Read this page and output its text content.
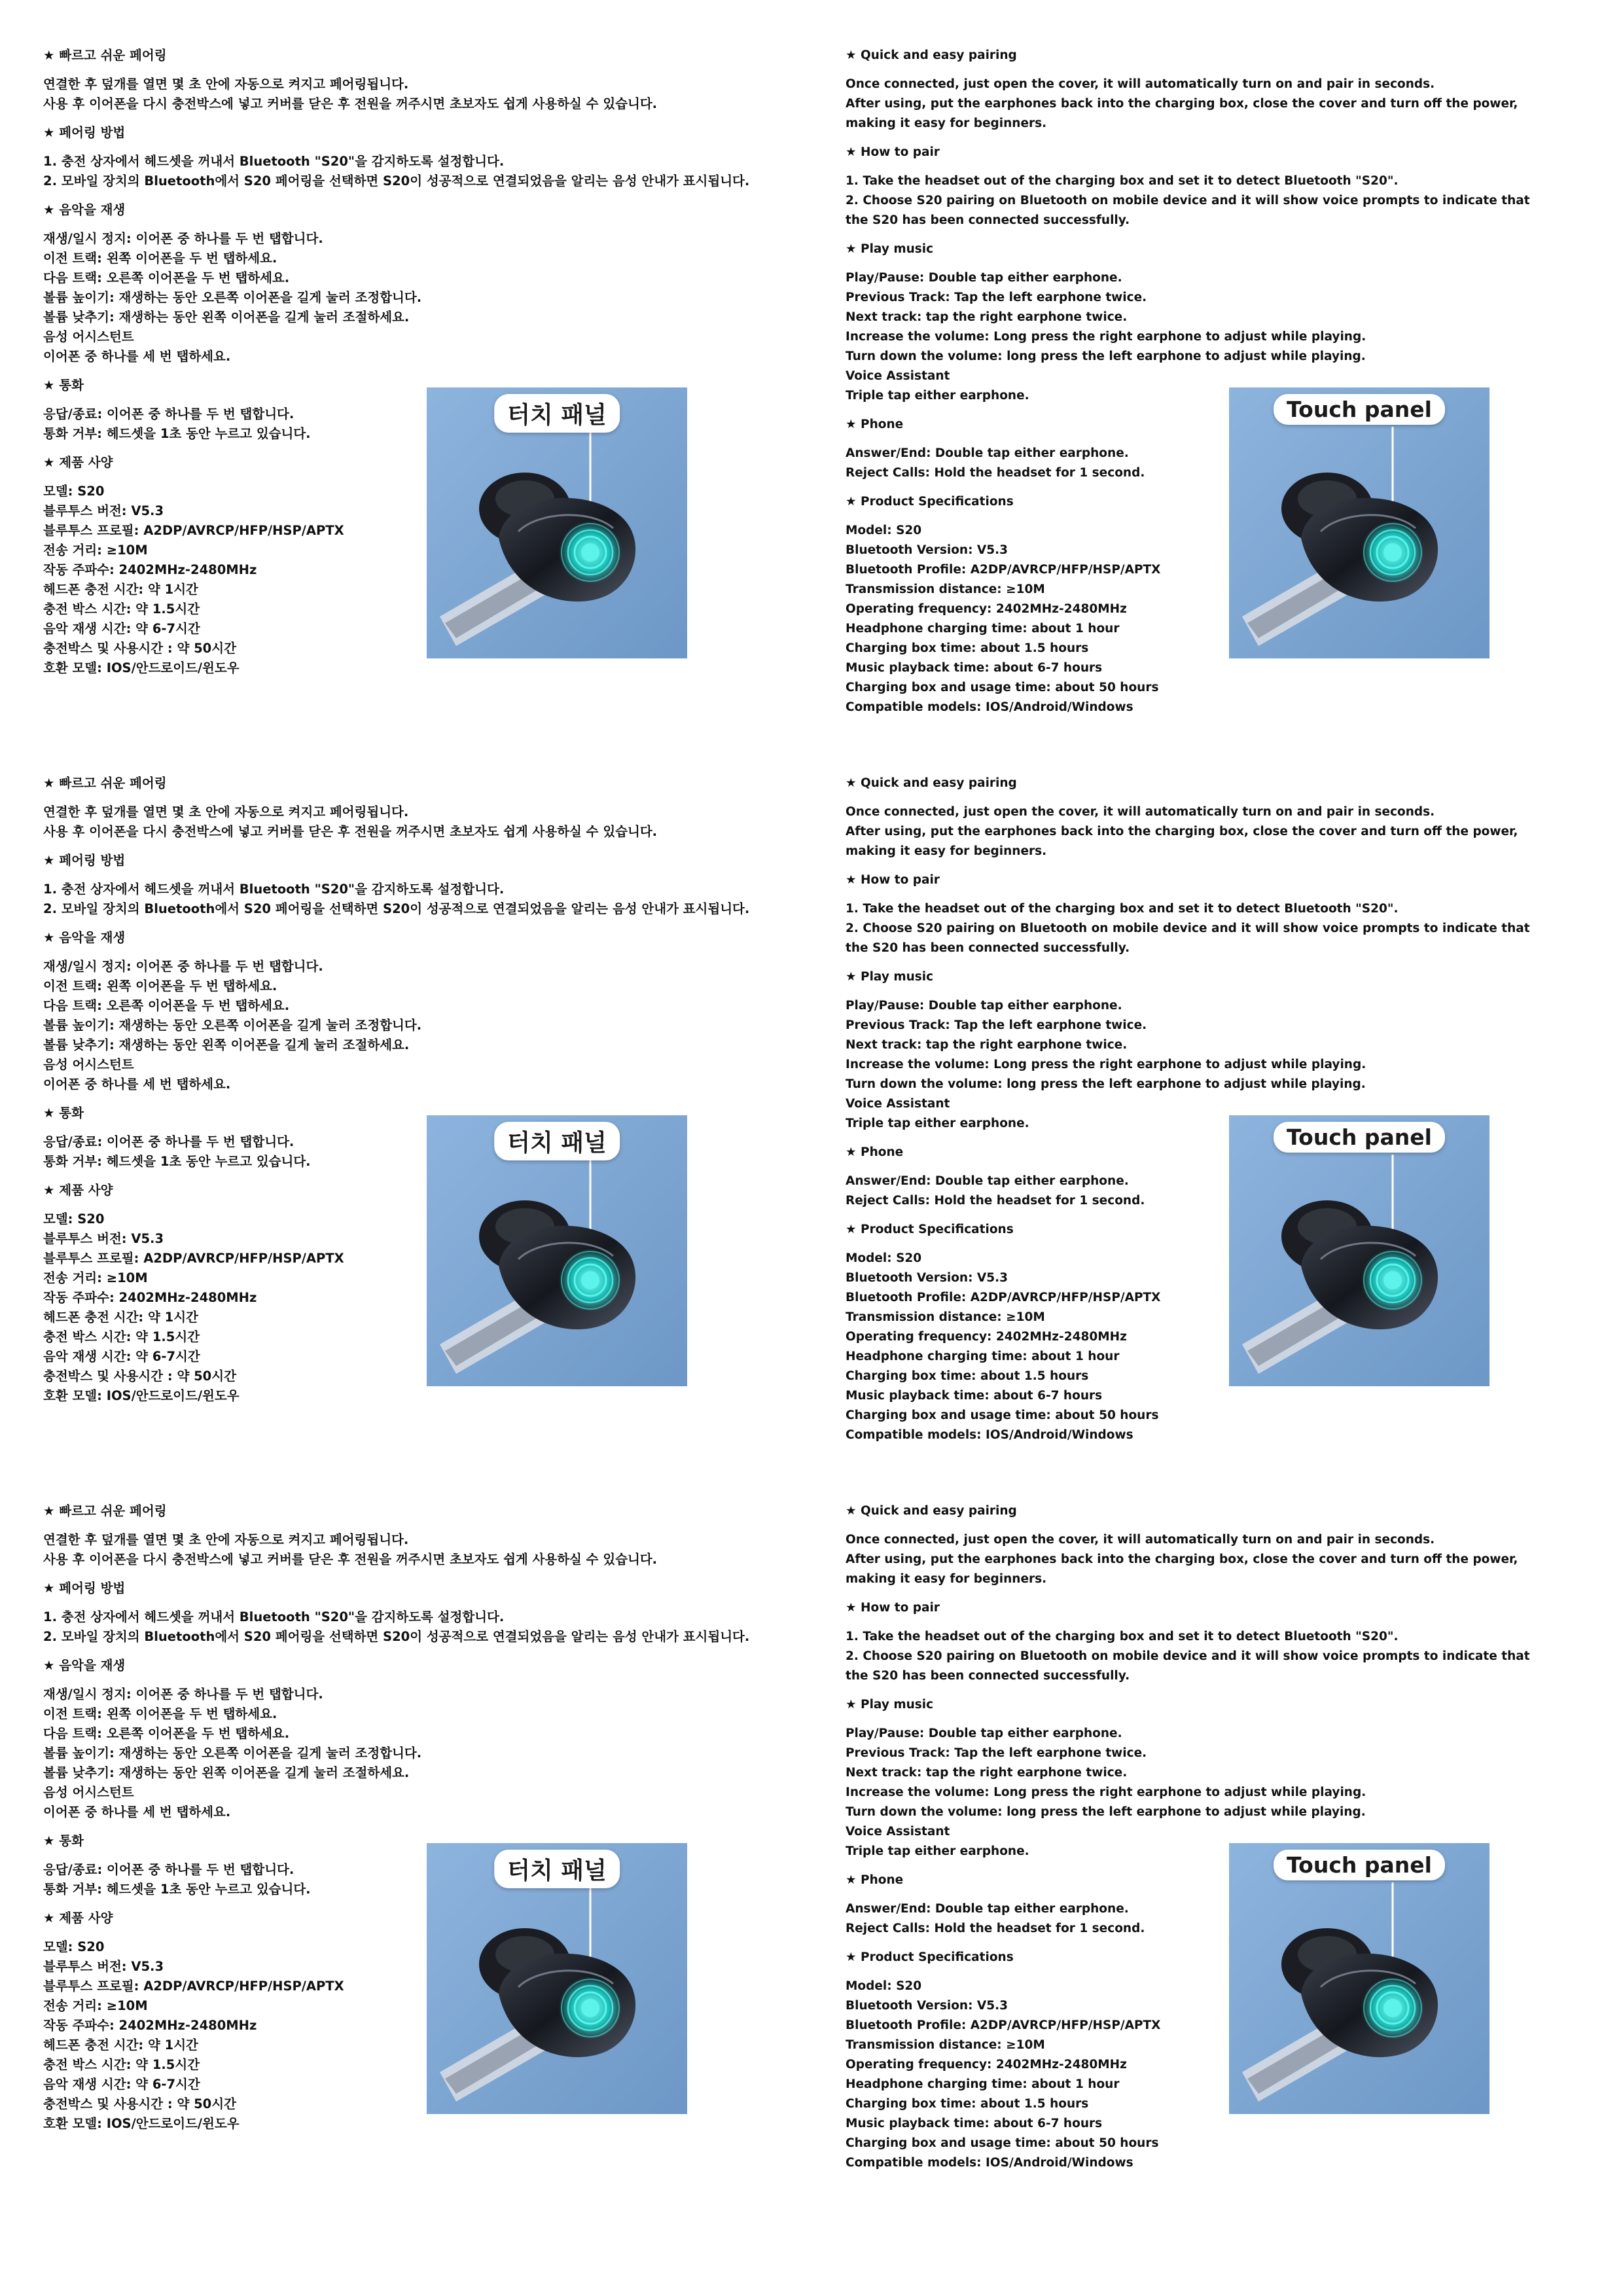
★ 빠르고 쉬운 페어링

연결한 후 덮개를 열면 몇 초 안에 자동으로 켜지고 페어링됩니다.
사용 후 이어폰을 다시 충전박스에 넣고 커버를 닫은 후 전원을 꺼주시면 초보자도 쉽게 사용하실 수 있습니다.

★ 페어링 방법

1. 충전 상자에서 헤드셋을 꺼내서 Bluetooth "S20"을 감지하도록 설정합니다.
2. 모바일 장치의 Bluetooth에서 S20 페어링을 선택하면 S20이 성공적으로 연결되었음을 알리는 음성 안내가 표시됩니다.

★ 음악을 재생

재생/일시 정지: 이어폰 중 하나를 두 번 탭합니다.
이전 트랙: 왼쪽 이어폰을 두 번 탭하세요.
다음 트랙: 오른쪽 이어폰을 두 번 탭하세요.
볼륨 높이기: 재생하는 동안 오른쪽 이어폰을 길게 눌러 조정합니다.
볼륨 낮추기: 재생하는 동안 왼쪽 이어폰을 길게 눌러 조절하세요.
음성 어시스턴트
이어폰 중 하나를 세 번 탭하세요.

★ 통화

응답/종료: 이어폰 중 하나를 두 번 탭합니다.
통화 거부: 헤드셋을 1초 동안 누르고 있습니다.

★ 제품 사양

모델: S20
블루투스 버전: V5.3
블루투스 프로필: A2DP/AVRCP/HFP/HSP/APTX
전송 거리: ≥10M
작동 주파수: 2402MHz-2480MHz
헤드폰 충전 시간: 약 1시간
충전 박스 시간: 약 1.5시간
음악 재생 시간: 약 6-7시간
충전박스 및 사용시간 : 약 50시간
호환 모델: IOS/안드로이드/윈도우

터치 패널

★ Quick and easy pairing

Once connected, just open the cover, it will automatically turn on and pair in seconds.
After using, put the earphones back into the charging box, close the cover and turn off the power,
making it easy for beginners.

★ How to pair

1. Take the headset out of the charging box and set it to detect Bluetooth "S20".
2. Choose S20 pairing on Bluetooth on mobile device and it will show voice prompts to indicate that
the S20 has been connected successfully.

★ Play music

Play/Pause: Double tap either earphone.
Previous Track: Tap the left earphone twice.
Next track: tap the right earphone twice.
Increase the volume: Long press the right earphone to adjust while playing.
Turn down the volume: long press the left earphone to adjust while playing.
Voice Assistant
Triple tap either earphone.

★ Phone

Answer/End: Double tap either earphone.
Reject Calls: Hold the headset for 1 second.

★ Product Specifications

Model: S20
Bluetooth Version: V5.3
Bluetooth Profile: A2DP/AVRCP/HFP/HSP/APTX
Transmission distance: ≥10M
Operating frequency: 2402MHz-2480MHz
Headphone charging time: about 1 hour
Charging box time: about 1.5 hours
Music playback time: about 6-7 hours
Charging box and usage time: about 50 hours
Compatible models: IOS/Android/Windows

Touch panel

★ 빠르고 쉬운 페어링

연결한 후 덮개를 열면 몇 초 안에 자동으로 켜지고 페어링됩니다.
사용 후 이어폰을 다시 충전박스에 넣고 커버를 닫은 후 전원을 꺼주시면 초보자도 쉽게 사용하실 수 있습니다.

★ 페어링 방법

1. 충전 상자에서 헤드셋을 꺼내서 Bluetooth "S20"을 감지하도록 설정합니다.
2. 모바일 장치의 Bluetooth에서 S20 페어링을 선택하면 S20이 성공적으로 연결되었음을 알리는 음성 안내가 표시됩니다.

★ 음악을 재생

재생/일시 정지: 이어폰 중 하나를 두 번 탭합니다.
이전 트랙: 왼쪽 이어폰을 두 번 탭하세요.
다음 트랙: 오른쪽 이어폰을 두 번 탭하세요.
볼륨 높이기: 재생하는 동안 오른쪽 이어폰을 길게 눌러 조정합니다.
볼륨 낮추기: 재생하는 동안 왼쪽 이어폰을 길게 눌러 조절하세요.
음성 어시스턴트
이어폰 중 하나를 세 번 탭하세요.

★ 통화

응답/종료: 이어폰 중 하나를 두 번 탭합니다.
통화 거부: 헤드셋을 1초 동안 누르고 있습니다.

★ 제품 사양

모델: S20
블루투스 버전: V5.3
블루투스 프로필: A2DP/AVRCP/HFP/HSP/APTX
전송 거리: ≥10M
작동 주파수: 2402MHz-2480MHz
헤드폰 충전 시간: 약 1시간
충전 박스 시간: 약 1.5시간
음악 재생 시간: 약 6-7시간
충전박스 및 사용시간 : 약 50시간
호환 모델: IOS/안드로이드/윈도우

터치 패널

★ Quick and easy pairing

Once connected, just open the cover, it will automatically turn on and pair in seconds.
After using, put the earphones back into the charging box, close the cover and turn off the power,
making it easy for beginners.

★ How to pair

1. Take the headset out of the charging box and set it to detect Bluetooth "S20".
2. Choose S20 pairing on Bluetooth on mobile device and it will show voice prompts to indicate that
the S20 has been connected successfully.

★ Play music

Play/Pause: Double tap either earphone.
Previous Track: Tap the left earphone twice.
Next track: tap the right earphone twice.
Increase the volume: Long press the right earphone to adjust while playing.
Turn down the volume: long press the left earphone to adjust while playing.
Voice Assistant
Triple tap either earphone.

★ Phone

Answer/End: Double tap either earphone.
Reject Calls: Hold the headset for 1 second.

★ Product Specifications

Model: S20
Bluetooth Version: V5.3
Bluetooth Profile: A2DP/AVRCP/HFP/HSP/APTX
Transmission distance: ≥10M
Operating frequency: 2402MHz-2480MHz
Headphone charging time: about 1 hour
Charging box time: about 1.5 hours
Music playback time: about 6-7 hours
Charging box and usage time: about 50 hours
Compatible models: IOS/Android/Windows

Touch panel

★ 빠르고 쉬운 페어링

연결한 후 덮개를 열면 몇 초 안에 자동으로 켜지고 페어링됩니다.
사용 후 이어폰을 다시 충전박스에 넣고 커버를 닫은 후 전원을 꺼주시면 초보자도 쉽게 사용하실 수 있습니다.

★ 페어링 방법

1. 충전 상자에서 헤드셋을 꺼내서 Bluetooth "S20"을 감지하도록 설정합니다.
2. 모바일 장치의 Bluetooth에서 S20 페어링을 선택하면 S20이 성공적으로 연결되었음을 알리는 음성 안내가 표시됩니다.

★ 음악을 재생

재생/일시 정지: 이어폰 중 하나를 두 번 탭합니다.
이전 트랙: 왼쪽 이어폰을 두 번 탭하세요.
다음 트랙: 오른쪽 이어폰을 두 번 탭하세요.
볼륨 높이기: 재생하는 동안 오른쪽 이어폰을 길게 눌러 조정합니다.
볼륨 낮추기: 재생하는 동안 왼쪽 이어폰을 길게 눌러 조절하세요.
음성 어시스턴트
이어폰 중 하나를 세 번 탭하세요.

★ 통화

응답/종료: 이어폰 중 하나를 두 번 탭합니다.
통화 거부: 헤드셋을 1초 동안 누르고 있습니다.

★ 제품 사양

모델: S20
블루투스 버전: V5.3
블루투스 프로필: A2DP/AVRCP/HFP/HSP/APTX
전송 거리: ≥10M
작동 주파수: 2402MHz-2480MHz
헤드폰 충전 시간: 약 1시간
충전 박스 시간: 약 1.5시간
음악 재생 시간: 약 6-7시간
충전박스 및 사용시간 : 약 50시간
호환 모델: IOS/안드로이드/윈도우

터치 패널

★ Quick and easy pairing

Once connected, just open the cover, it will automatically turn on and pair in seconds.
After using, put the earphones back into the charging box, close the cover and turn off the power,
making it easy for beginners.

★ How to pair

1. Take the headset out of the charging box and set it to detect Bluetooth "S20".
2. Choose S20 pairing on Bluetooth on mobile device and it will show voice prompts to indicate that
the S20 has been connected successfully.

★ Play music

Play/Pause: Double tap either earphone.
Previous Track: Tap the left earphone twice.
Next track: tap the right earphone twice.
Increase the volume: Long press the right earphone to adjust while playing.
Turn down the volume: long press the left earphone to adjust while playing.
Voice Assistant
Triple tap either earphone.

★ Phone

Answer/End: Double tap either earphone.
Reject Calls: Hold the headset for 1 second.

★ Product Specifications

Model: S20
Bluetooth Version: V5.3
Bluetooth Profile: A2DP/AVRCP/HFP/HSP/APTX
Transmission distance: ≥10M
Operating frequency: 2402MHz-2480MHz
Headphone charging time: about 1 hour
Charging box time: about 1.5 hours
Music playback time: about 6-7 hours
Charging box and usage time: about 50 hours
Compatible models: IOS/Android/Windows

Touch panel
